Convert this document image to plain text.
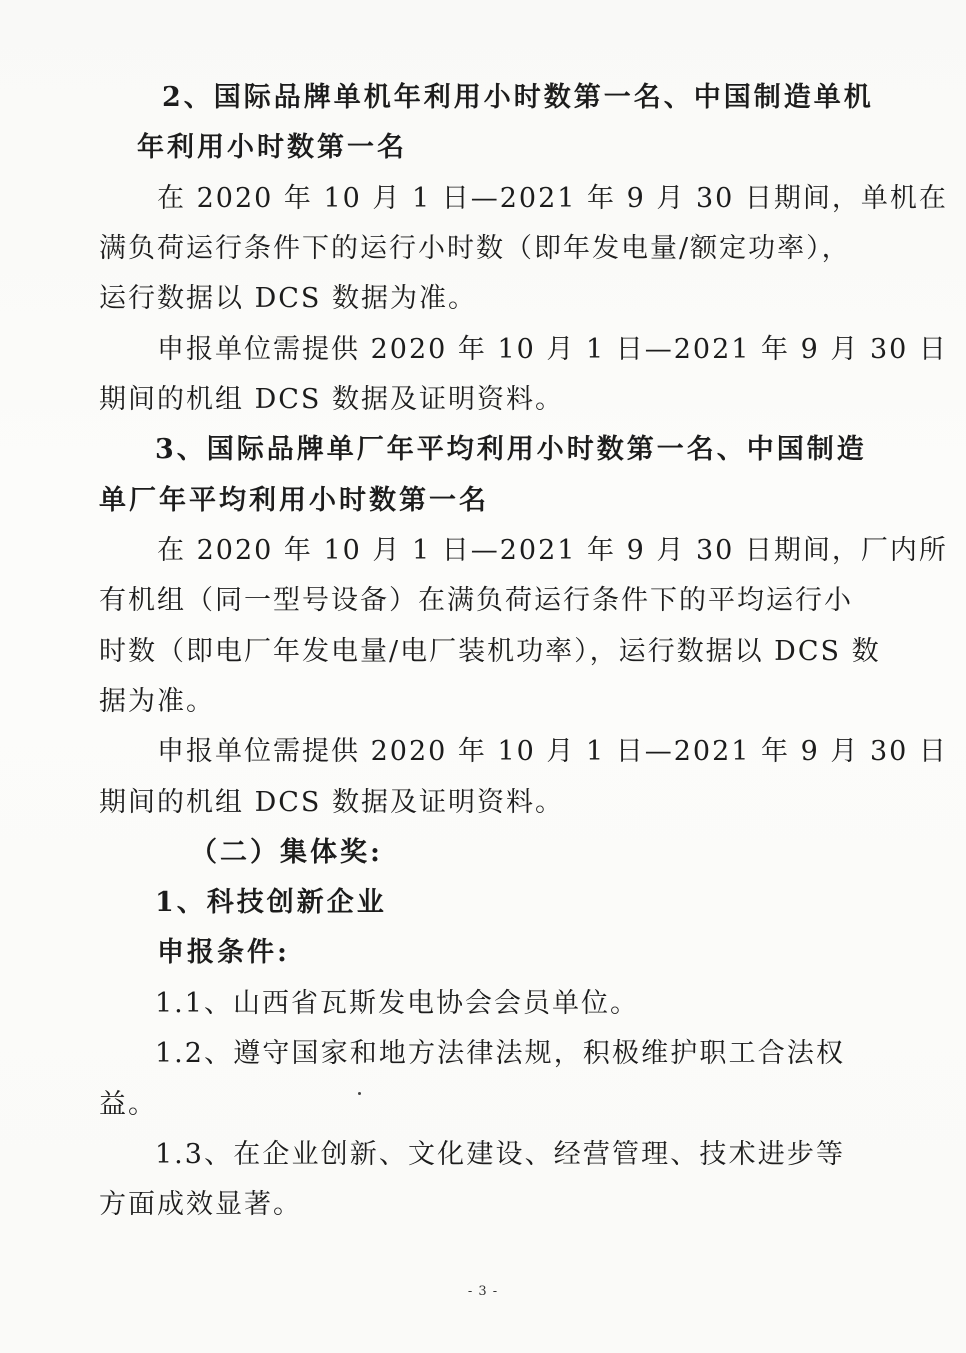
2、国际品牌单机年利用小时数第一名、中国制造单机
年利用小时数第一名
在 2020 年 10 月 1 日—2021 年 9 月 30 日期间，单机在
满负荷运行条件下的运行小时数（即年发电量/额定功率），
运行数据以 DCS 数据为准。
申报单位需提供 2020 年 10 月 1 日—2021 年 9 月 30 日
期间的机组 DCS 数据及证明资料。
3、国际品牌单厂年平均利用小时数第一名、中国制造
单厂年平均利用小时数第一名
在 2020 年 10 月 1 日—2021 年 9 月 30 日期间，厂内所
有机组（同一型号设备）在满负荷运行条件下的平均运行小
时数（即电厂年发电量/电厂装机功率），运行数据以 DCS 数
据为准。
申报单位需提供 2020 年 10 月 1 日—2021 年 9 月 30 日
期间的机组 DCS 数据及证明资料。
（二）集体奖:
1、科技创新企业
申报条件:
1.1、山西省瓦斯发电协会会员单位。
1.2、遵守国家和地方法律法规，积极维护职工合法权
益。
1.3、在企业创新、文化建设、经营管理、技术进步等
方面成效显著。
- 3 -
